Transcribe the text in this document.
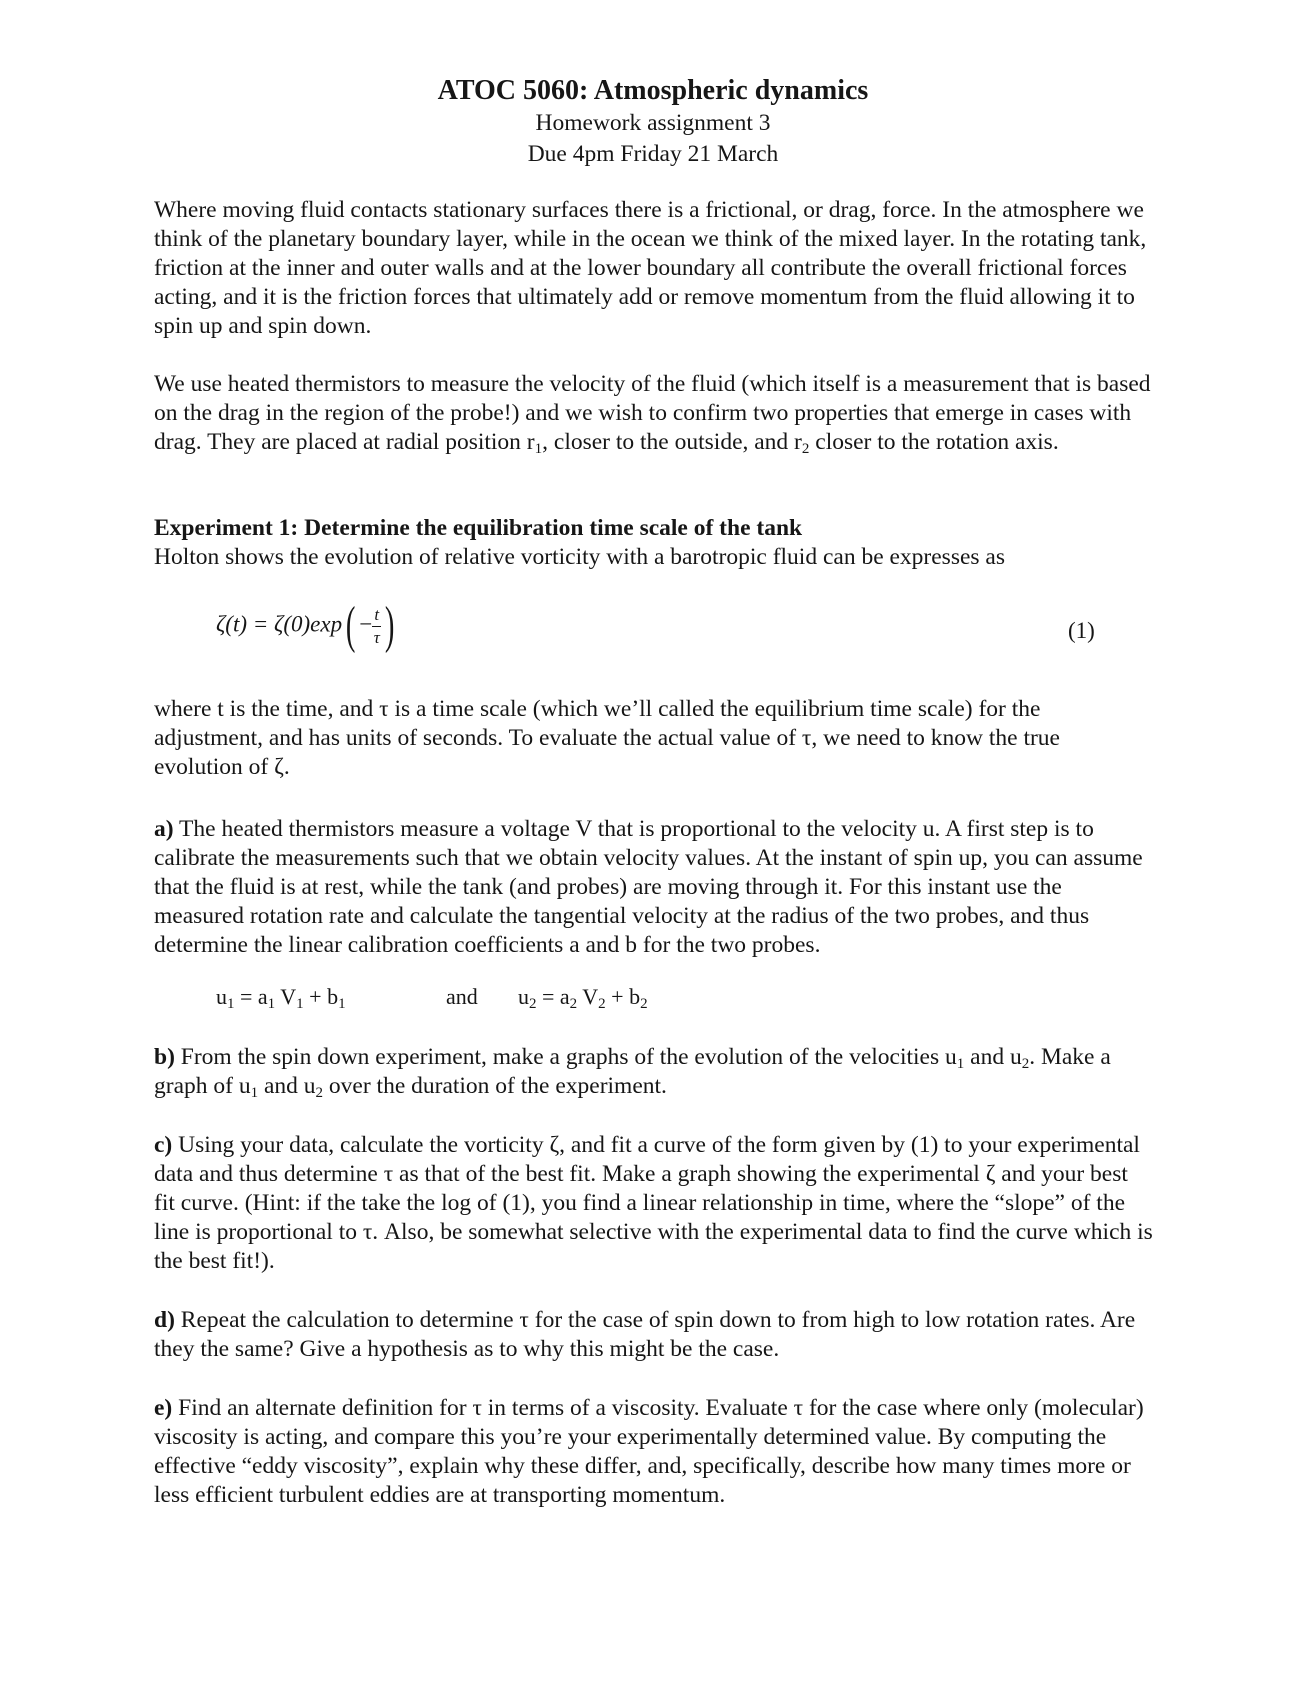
ATOC 5060: Atmospheric dynamics
Homework assignment 3
Due 4pm Friday 21 March
Where moving fluid contacts stationary surfaces there is a frictional, or drag, force. In the atmosphere we think of the planetary boundary layer, while in the ocean we think of the mixed layer. In the rotating tank, friction at the inner and outer walls and at the lower boundary all contribute the overall frictional forces acting, and it is the friction forces that ultimately add or remove momentum from the fluid allowing it to spin up and spin down.
We use heated thermistors to measure the velocity of the fluid (which itself is a measurement that is based on the drag in the region of the probe!) and we wish to confirm two properties that emerge in cases with drag. They are placed at radial position $r_1$, closer to the outside, and $r_2$ closer to the rotation axis.
Experiment 1: Determine the equilibration time scale of the tank
Holton shows the evolution of relative vorticity with a barotropic fluid can be expresses as
$\zeta(t) = \zeta(0)\exp( - \frac{t}{\tau}$ )	(1)
where t is the time, and τ is a time scale (which we’ll called the equilibrium time scale) for the adjustment, and has units of seconds. To evaluate the actual value of τ, we need to know the true evolution of ζ.
a) The heated thermistors measure a voltage V that is proportional to the velocity u. A first step is to calibrate the measurements such that we obtain velocity values. At the instant of spin up, you can assume that the fluid is at rest, while the tank (and probes) are moving through it. For this instant use the measured rotation rate and calculate the tangential velocity at the radius of the two probes, and thus determine the linear calibration coefficients a and b for the two probes.
$u_1 = a_1$ $V_1 + b_1$	and $u_2 = a_2$ $V_2 + b_2$
b) From the spin down experiment, make a graphs of the evolution of the velocities $u_1$ and $u_2$. Make a graph of $u_1$ and $u_2$ over the duration of the experiment.
c) Using your data, calculate the vorticity ζ, and fit a curve of the form given by (1) to your experimental data and thus determine τ as that of the best fit. Make a graph showing the experimental ζ and your best fit curve. (Hint: if the take the log of (1), you find a linear relationship in time, where the “slope” of the line is proportional to τ. Also, be somewhat selective with the experimental data to find the curve which is the best fit!).
d) Repeat the calculation to determine τ for the case of spin down to from high to low rotation rates. Are they the same? Give a hypothesis as to why this might be the case.
e) Find an alternate definition for τ in terms of a viscosity. Evaluate τ for the case where only (molecular) viscosity is acting, and compare this you’re your experimentally determined value. By computing the effective “eddy viscosity”, explain why these differ, and, specifically, describe how many times more or less efficient turbulent eddies are at transporting momentum.
